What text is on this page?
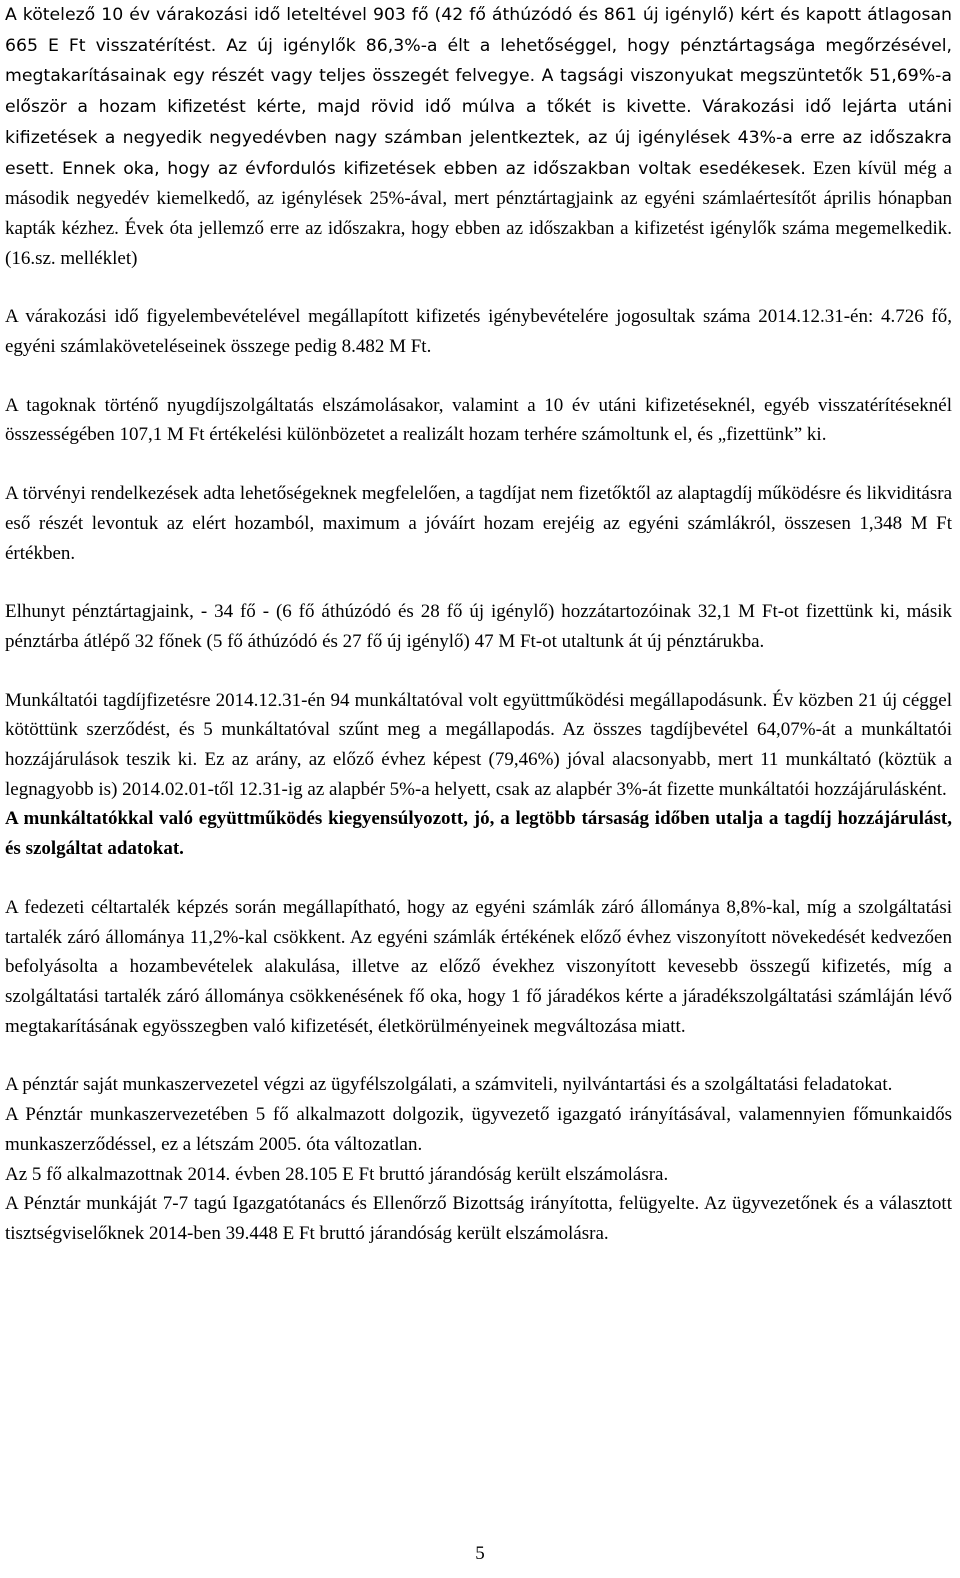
A kötelező 10 év várakozási idő leteltével 903 fő (42 fő áthúzódó és 861 új igénylő) kért és kapott átlagosan 665 E Ft visszatérítést. Az új igénylők 86,3%-a élt a lehetőséggel, hogy pénztártagsága megőrzésével, megtakarításainak egy részét vagy teljes összegét felvegye. A tagsági viszonyukat megszüntetők 51,69%-a először a hozam kifizetést kérte, majd rövid idő múlva a tőkét is kivette. Várakozási idő lejárta utáni kifizetések a negyedik negyedévben nagy számban jelentkeztek, az új igénylések 43%-a erre az időszakra esett. Ennek oka, hogy az évfordulós kifizetések ebben az időszakban voltak esedékesek. Ezen kívül még a második negyedév kiemelkedő, az igénylések 25%-ával, mert pénztártagjaink az egyéni számlaértesítőt április hónapban kapták kézhez. Évek óta jellemző erre az időszakra, hogy ebben az időszakban a kifizetést igénylők száma megemelkedik. (16.sz. melléklet)

A várakozási idő figyelembevételével megállapított kifizetés igénybevételére jogosultak száma 2014.12.31-én: 4.726 fő, egyéni számlaköveteléseinek összege pedig 8.482 M Ft.

A tagoknak történő nyugdíjszolgáltatás elszámolásakor, valamint a 10 év utáni kifizetéseknél, egyéb visszatérítéseknél összességében 107,1 M Ft értékelési különbözetet a realizált hozam terhére számoltunk el, és „fizettünk” ki.

A törvényi rendelkezések adta lehetőségeknek megfelelően, a tagdíjat nem fizetőktől az alaptagdíj működésre és likviditásra eső részét levontuk az elért hozamból, maximum a jóváírt hozam erejéig az egyéni számlákról, összesen 1,348 M Ft értékben.

Elhunyt pénztártagjaink, - 34 fő - (6 fő áthúzódó és 28 fő új igénylő) hozzátartozóinak 32,1 M Ft-ot fizettünk ki, másik pénztárba átlépő 32 főnek (5 fő áthúzódó és 27 fő új igénylő) 47 M Ft-ot utaltunk át új pénztárukba.

Munkáltatói tagdíjfizetésre 2014.12.31-én 94 munkáltatóval volt együttműködési megállapodásunk. Év közben 21 új céggel kötöttünk szerződést, és 5 munkáltatóval szűnt meg a megállapodás. Az összes tagdíjbevétel 64,07%-át a munkáltatói hozzájárulások teszik ki. Ez az arány, az előző évhez képest (79,46%) jóval alacsonyabb, mert 11 munkáltató (köztük a legnagyobb is) 2014.02.01-től 12.31-ig az alapbér 5%-a helyett, csak az alapbér 3%-át fizette munkáltatói hozzájárulásként.

A munkáltatókkal való együttműködés kiegyensúlyozott, jó, a legtöbb társaság időben utalja a tagdíj hozzájárulást, és szolgáltat adatokat.

A fedezeti céltartalék képzés során megállapítható, hogy az egyéni számlák záró állománya 8,8%-kal, míg a szolgáltatási tartalék záró állománya 11,2%-kal csökkent. Az egyéni számlák értékének előző évhez viszonyított növekedését kedvezően befolyásolta a hozambevételek alakulása, illetve az előző évekhez viszonyított kevesebb összegű kifizetés, míg a szolgáltatási tartalék záró állománya csökkenésének fő oka, hogy 1 fő járadékos kérte a járadékszolgáltatási számláján lévő megtakarításának egyösszegben való kifizetését, életkörülményeinek megváltozása miatt.

A pénztár saját munkaszervezetel végzi az ügyfélszolgálati, a számviteli, nyilvántartási és a szolgáltatási feladatokat.

A Pénztár munkaszervezetében 5 fő alkalmazott dolgozik, ügyvezető igazgató irányításával, valamennyien főmunkaidős munkaszerződéssel, ez a létszám 2005. óta változatlan.

Az 5 fő alkalmazottnak 2014. évben 28.105 E Ft bruttó járandóság került elszámolásra.

A Pénztár munkáját 7-7 tagú Igazgatótanács és Ellenőrző Bizottság irányította, felügyelte. Az ügyvezetőnek és a választott tisztségviselőknek 2014-ben 39.448 E Ft bruttó járandóság került elszámolásra.

5
